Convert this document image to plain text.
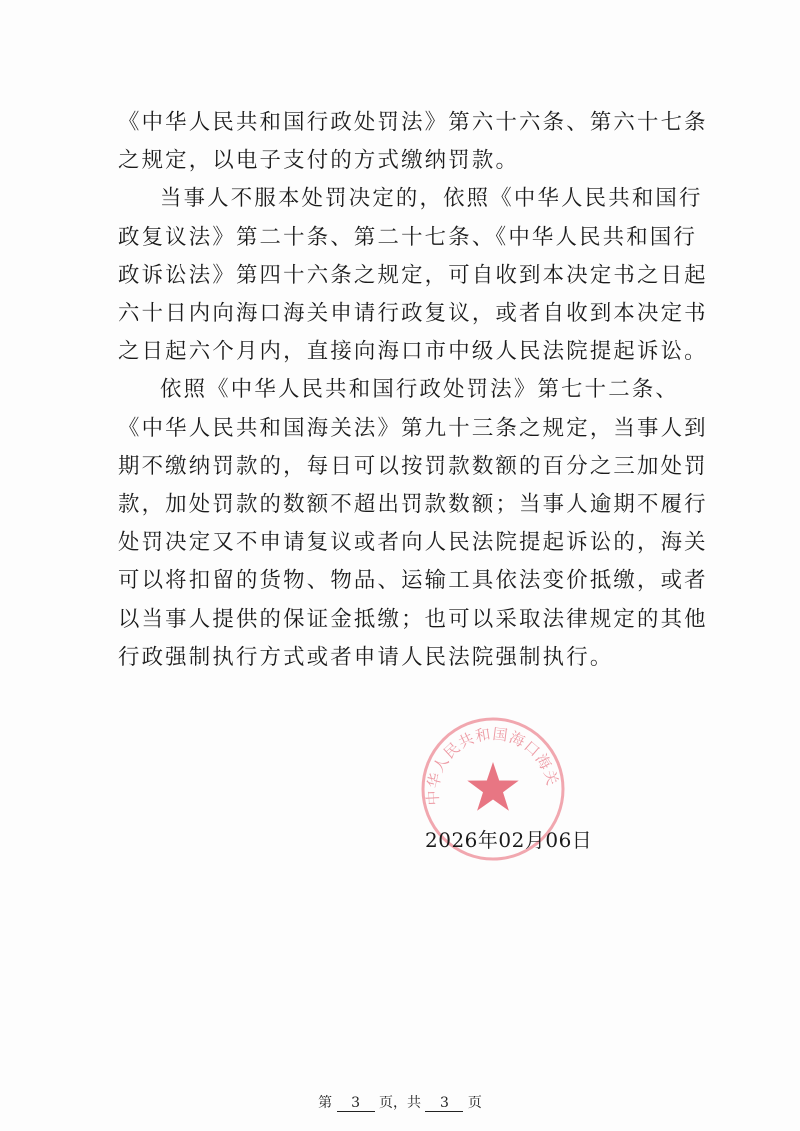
《中华人民共和国行政处罚法》第六十六条、第六十七条
之规定，以电子支付的方式缴纳罚款。

当事人不服本处罚决定的，依照《中华人民共和国行
政复议法》第二十条、第二十七条、《中华人民共和国行
政诉讼法》第四十六条之规定，可自收到本决定书之日起
六十日内向海口海关申请行政复议，或者自收到本决定书
之日起六个月内，直接向海口市中级人民法院提起诉讼。

依照《中华人民共和国行政处罚法》第七十二条、
《中华人民共和国海关法》第九十三条之规定，当事人到
期不缴纳罚款的，每日可以按罚款数额的百分之三加处罚
款，加处罚款的数额不超出罚款数额；当事人逾期不履行
处罚决定又不申请复议或者向人民法院提起诉讼的，海关
可以将扣留的货物、物品、运输工具依法变价抵缴，或者
以当事人提供的保证金抵缴；也可以采取法律规定的其他
行政强制执行方式或者申请人民法院强制执行。

中华人民共和国海口海关
2026年02月06日
第 3 页，共 3 页
